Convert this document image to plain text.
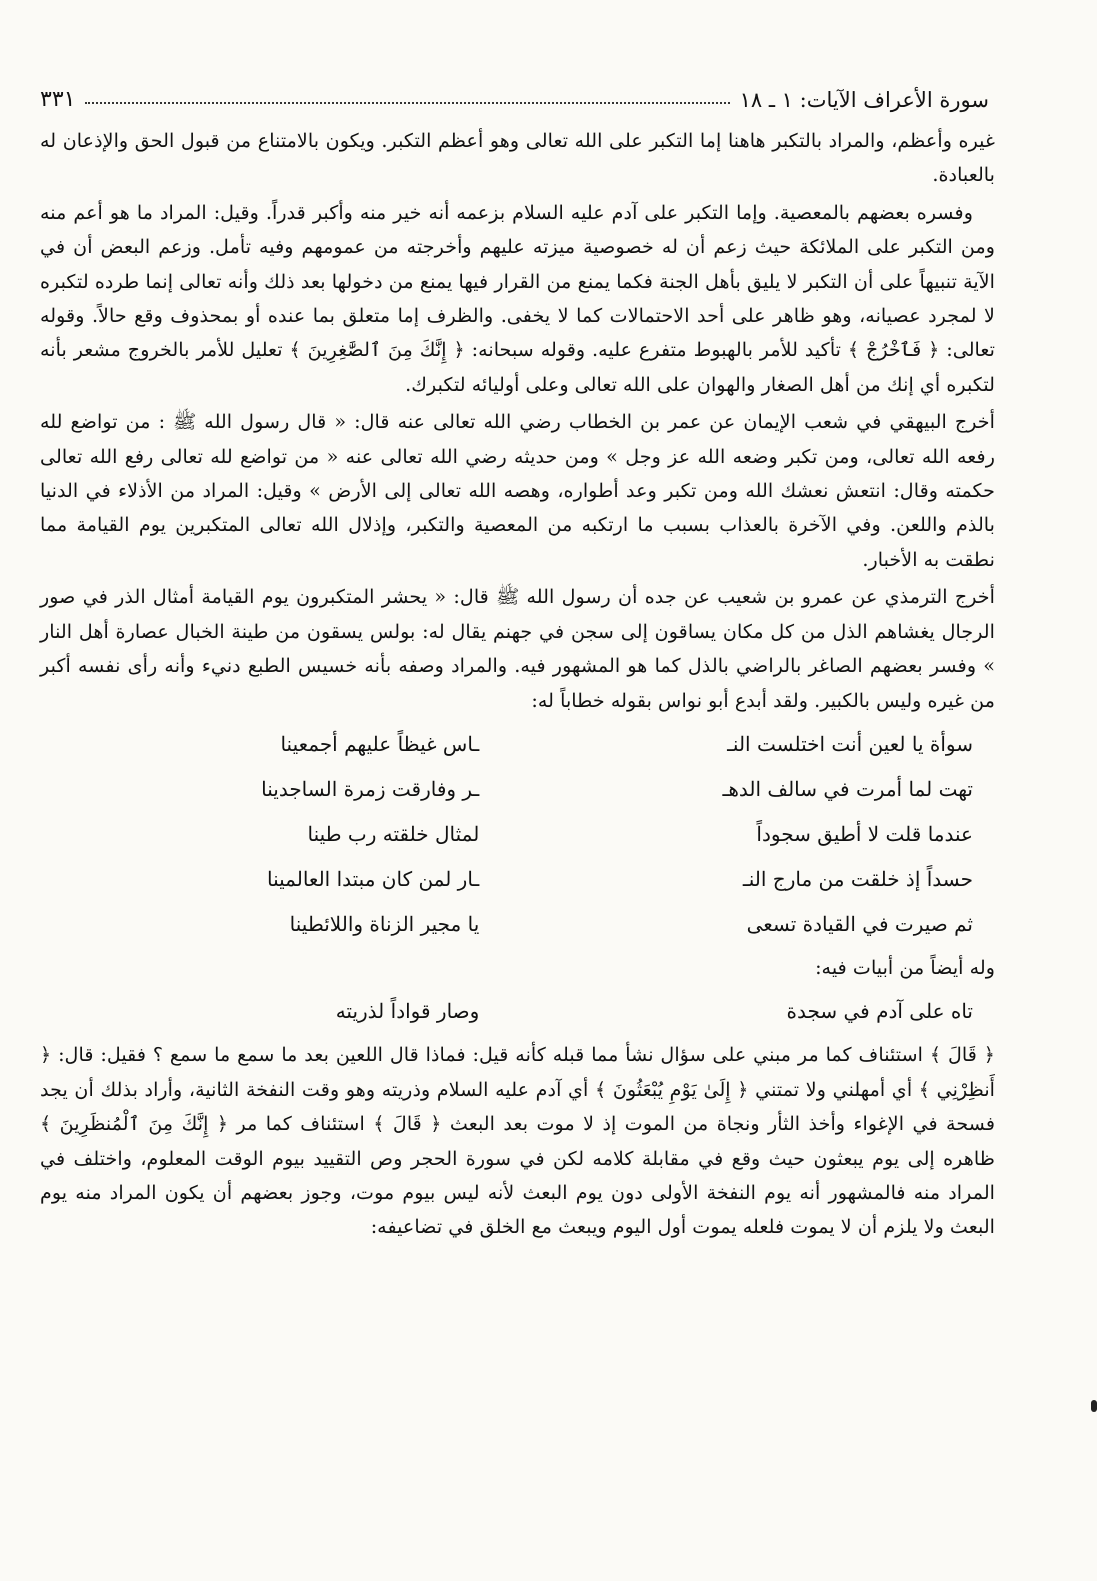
سورة الأعراف الآيات: ١ ـ ١٨
٣٣١

غيره وأعظم، والمراد بالتكبر هاهنا إما التكبر على الله تعالى وهو أعظم التكبر. ويكون بالامتناع من قبول الحق والإذعان له بالعبادة.

وفسره بعضهم بالمعصية. وإما التكبر على آدم عليه السلام بزعمه أنه خير منه وأكبر قدراً. وقيل: المراد ما هو أعم منه ومن التكبر على الملائكة حيث زعم أن له خصوصية ميزته عليهم وأخرجته من عمومهم وفيه تأمل. وزعم البعض أن في الآية تنبيهاً على أن التكبر لا يليق بأهل الجنة فكما يمنع من القرار فيها يمنع من دخولها بعد ذلك وأنه تعالى إنما طرده لتكبره لا لمجرد عصيانه، وهو ظاهر على أحد الاحتمالات كما لا يخفى. والظرف إما متعلق بما عنده أو بمحذوف وقع حالاً. وقوله تعالى: ﴿ فَٱخْرُجْ ﴾ تأكيد للأمر بالهبوط متفرع عليه. وقوله سبحانه: ﴿ إِنَّكَ مِنَ ٱلصَّٰغِرِينَ ﴾ تعليل للأمر بالخروج مشعر بأنه لتكبره أي إنك من أهل الصغار والهوان على الله تعالى وعلى أوليائه لتكبرك.

أخرج البيهقي في شعب الإيمان عن عمر بن الخطاب رضي الله تعالى عنه قال: « قال رسول الله ﷺ : من تواضع لله رفعه الله تعالى، ومن تكبر وضعه الله عز وجل » ومن حديثه رضي الله تعالى عنه « من تواضع لله تعالى رفع الله تعالى حكمته وقال: انتعش نعشك الله ومن تكبر وعد أطواره، وهصه الله تعالى إلى الأرض » وقيل: المراد من الأذلاء في الدنيا بالذم واللعن. وفي الآخرة بالعذاب بسبب ما ارتكبه من المعصية والتكبر، وإذلال الله تعالى المتكبرين يوم القيامة مما نطقت به الأخبار.

أخرج الترمذي عن عمرو بن شعيب عن جده أن رسول الله ﷺ قال: « يحشر المتكبرون يوم القيامة أمثال الذر في صور الرجال يغشاهم الذل من كل مكان يساقون إلى سجن في جهنم يقال له: بولس يسقون من طينة الخبال عصارة أهل النار » وفسر بعضهم الصاغر بالراضي بالذل كما هو المشهور فيه. والمراد وصفه بأنه خسيس الطبع دنيء وأنه رأى نفسه أكبر من غيره وليس بالكبير. ولقد أبدع أبو نواس بقوله خطاباً له:

سوأة يا لعين أنت اختلست النـ
ـاس غيظاً عليهم أجمعينا
تهت لما أمرت في سالف الدهـ
ـر وفارقت زمرة الساجدينا
عندما قلت لا أطيق سجوداً
لمثال خلقته رب طينا
حسداً إذ خلقت من مارج النـ
ـار لمن كان مبتدا العالمينا
ثم صيرت في القيادة تسعى
يا مجير الزناة واللائطينا

وله أيضاً من أبيات فيه:

تاه على آدم في سجدة
وصار قواداً لذريته

﴿ قَالَ ﴾ استئناف كما مر مبني على سؤال نشأ مما قبله كأنه قيل: فماذا قال اللعين بعد ما سمع ما سمع ؟ فقيل: قال: ﴿ أَنظِرْنِي ﴾ أي أمهلني ولا تمتني ﴿ إِلَىٰ يَوْمِ يُبْعَثُونَ ﴾ أي آدم عليه السلام وذريته وهو وقت النفخة الثانية، وأراد بذلك أن يجد فسحة في الإغواء وأخذ الثأر ونجاة من الموت إذ لا موت بعد البعث ﴿ قَالَ ﴾ استئناف كما مر ﴿ إِنَّكَ مِنَ ٱلْمُنظَرِينَ ﴾ ظاهره إلى يوم يبعثون حيث وقع في مقابلة كلامه لكن في سورة الحجر وص التقييد بيوم الوقت المعلوم، واختلف في المراد منه فالمشهور أنه يوم النفخة الأولى دون يوم البعث لأنه ليس بيوم موت، وجوز بعضهم أن يكون المراد منه يوم البعث ولا يلزم أن لا يموت فلعله يموت أول اليوم ويبعث مع الخلق في تضاعيفه:
